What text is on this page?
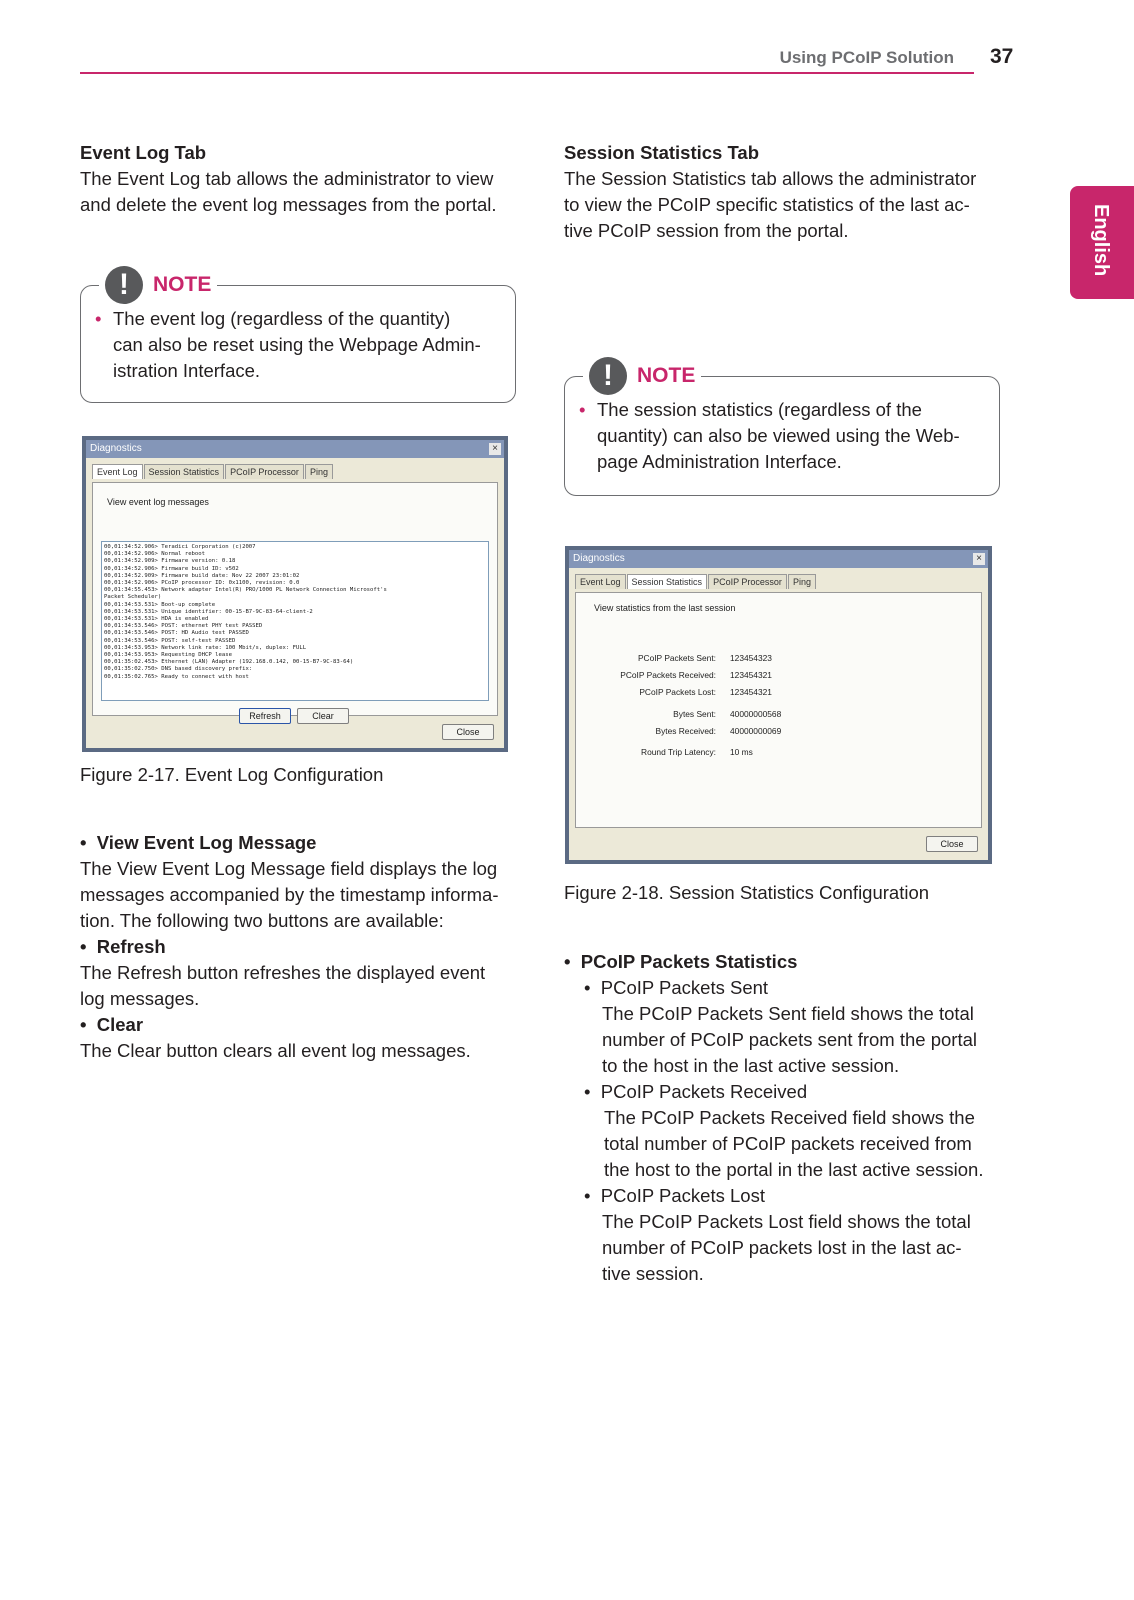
Using PCoIP Solution 37
English

Event Log Tab

The Event Log tab allows the administrator to view

and delete the event log messages from the portal.

!	NOTE
• The event log (regardless of the quantity)
can also be reset using the Webpage Admin-
istration Interface.
Diagnostics	×
Event Log	Session Statistics	PCoIP Processor	Ping
View event log messages
00,01:34:52.906> Teradici Corporation (c)2007
00,01:34:52.906> Normal reboot
00,01:34:52.909> Firmware version: 0.18
00,01:34:52.906> Firmware build ID: v502
00,01:34:52.909> Firmware build date: Nov 22 2007 23:01:02
00,01:34:52.906> PCoIP processor ID: 0x1100, revision: 0.0
00,01:34:55.453> Network adapter Intel(R) PRO/1000 PL Network Connection Microsoft's
Packet Scheduler)
00,01:34:53.531> Boot-up complete
00,01:34:53.531> Unique identifier: 00-15-B7-9C-83-64-client-2
00,01:34:53.531> HDA is enabled
00,01:34:53.546> POST: ethernet PHY test PASSED
00,01:34:53.546> POST: HD Audio test PASSED
00,01:34:53.546> POST: self-test PASSED
00,01:34:53.953> Network link rate: 100 Mbit/s, duplex: FULL
00,01:34:53.953> Requesting DHCP lease
00,01:35:02.453> Ethernet (LAN) Adapter (192.168.0.142, 00-15-B7-9C-83-64)
00,01:35:02.750> DNS based discovery prefix:
00,01:35:02.765> Ready to connect with host
Refresh	Clear
Close
Figure 2-17. Event Log Configuration

•  View Event Log Message

The View Event Log Message field displays the log

messages accompanied by the timestamp informa-

tion. The following two buttons are available:

•  Refresh

The Refresh button refreshes the displayed event

log messages.

•  Clear

The Clear button clears all event log messages.

Session Statistics Tab

The Session Statistics tab allows the administrator

to view the PCoIP specific statistics of the last ac-

tive PCoIP session from the portal.

!	NOTE
• The session statistics (regardless of the
quantity) can also be viewed using the Web-
page Administration Interface.
Diagnostics	×
Event Log	Session Statistics	PCoIP Processor	Ping
View statistics from the last session
PCoIP Packets Sent: 123454323
PCoIP Packets Received: 123454321
PCoIP Packets Lost: 123454321
Bytes Sent: 40000000568
Bytes Received: 40000000069
Round Trip Latency: 10 ms
Close
Figure 2-18. Session Statistics Configuration

•  PCoIP Packets Statistics

•  PCoIP Packets Sent

The PCoIP Packets Sent field shows the total

number of PCoIP packets sent from the portal

to the host in the last active session.

•  PCoIP Packets Received

The PCoIP Packets Received field shows the

total number of PCoIP packets received from

the host to the portal in the last active session.

•  PCoIP Packets Lost

The PCoIP Packets Lost field shows the total

number of PCoIP packets lost in the last ac-

tive session.
